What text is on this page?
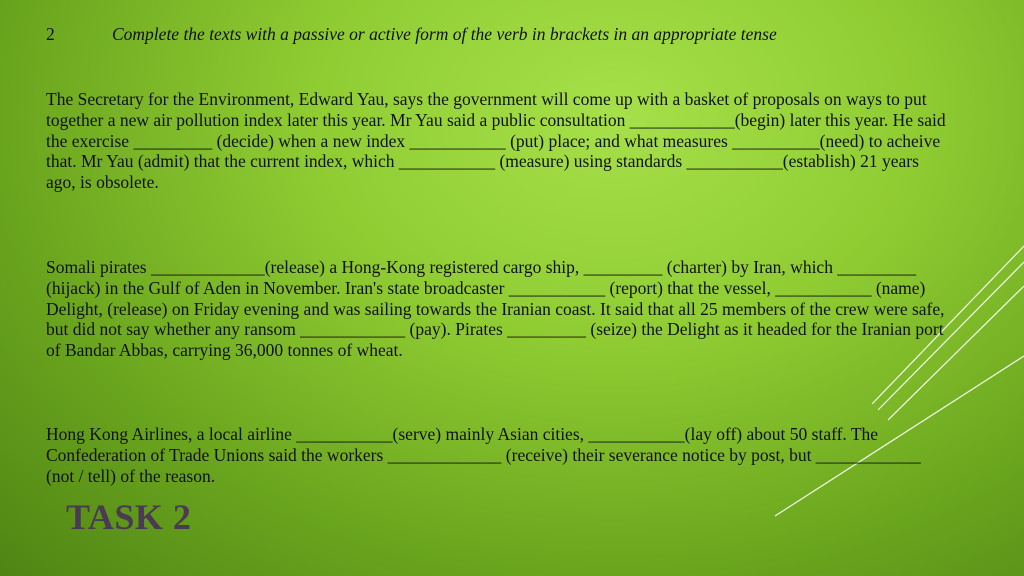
2	Complete the texts with a passive or active form of the verb in brackets in an appropriate tense

The Secretary for the Environment, Edward Yau, says the government will come up with a basket of proposals on ways to put together a new air pollution index later this year. Mr Yau said a public consultation ____________(begin) later this year. He said the exercise _________ (decide) when a new index ___________ (put) place; and what measures __________(need) to acheive that. Mr Yau (admit) that the current index, which ___________ (measure) using standards ___________(establish) 21 years ago, is obsolete.

Somali pirates _____________(release) a Hong-Kong registered cargo ship, _________ (charter) by Iran, which _________ (hijack) in the Gulf of Aden in November. Iran's state broadcaster ___________ (report) that the vessel, ___________ (name) Delight, (release) on Friday evening and was sailing towards the Iranian coast. It said that all 25 members of the crew were safe, but did not say whether any ransom ____________ (pay). Pirates _________ (seize) the Delight as it headed for the Iranian port of Bandar Abbas, carrying 36,000 tonnes of wheat.

Hong Kong Airlines, a local airline ___________(serve) mainly Asian cities, ___________(lay off) about 50 staff. The Confederation of Trade Unions said the workers _____________ (receive) their severance notice by post, but ____________ (not / tell) of the reason.

TASK 2
